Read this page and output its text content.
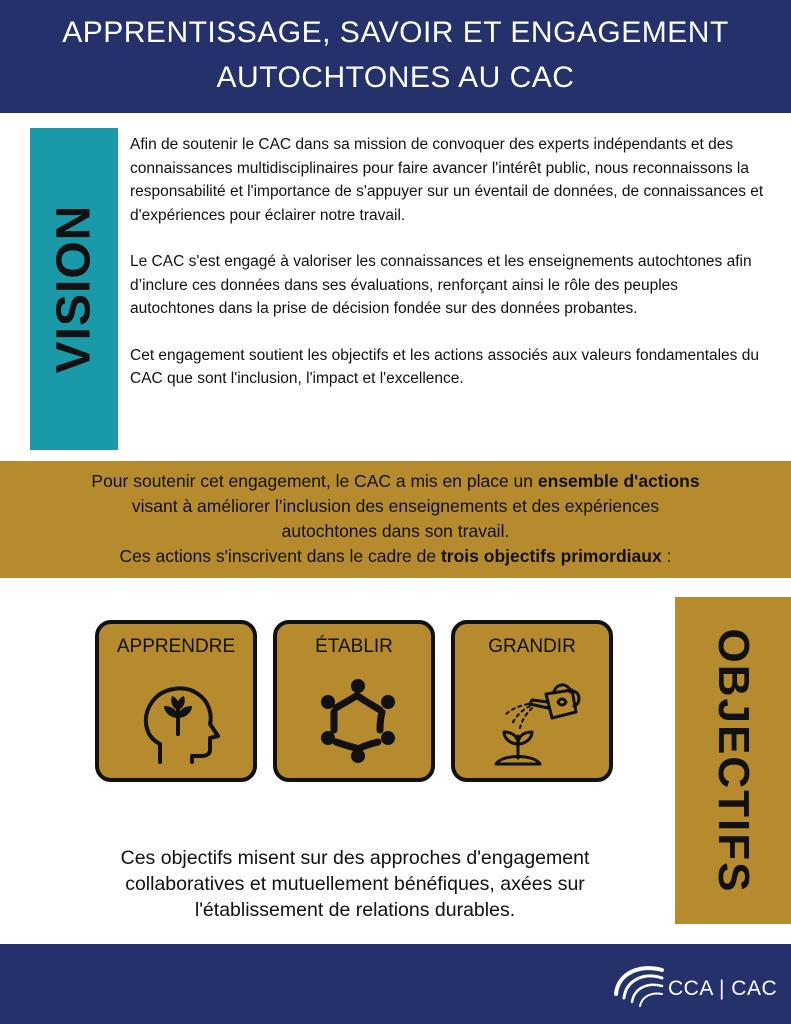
APPRENTISSAGE, SAVOIR ET ENGAGEMENT
AUTOCHTONES AU CAC
VISION

Afin de soutenir le CAC dans sa mission de convoquer des experts indépendants et des connaissances multidisciplinaires pour faire avancer l'intérêt public, nous reconnaissons la responsabilité et l'importance de s'appuyer sur un éventail de données, de connaissances et d'expériences pour éclairer notre travail.

Le CAC s'est engagé à valoriser les connaissances et les enseignements autochtones afin d’inclure ces données dans ses évaluations, renforçant ainsi le rôle des peuples autochtones dans la prise de décision fondée sur des données probantes.

Cet engagement soutient les objectifs et les actions associés aux valeurs fondamentales du CAC que sont l'inclusion, l'impact et l'excellence.

Pour soutenir cet engagement, le CAC a mis en place un ensemble d'actions
visant à améliorer l’inclusion des enseignements et des expériences
autochtones dans son travail.
Ces actions s'inscrivent dans le cadre de trois objectifs primordiaux :
APPRENDRE	ÉTABLIR	GRANDIR	OBJECTIFS
Ces objectifs misent sur des approches d'engagement collaboratives et mutuellement bénéfiques, axées sur l'établissement de relations durables.
CCA | CAC
